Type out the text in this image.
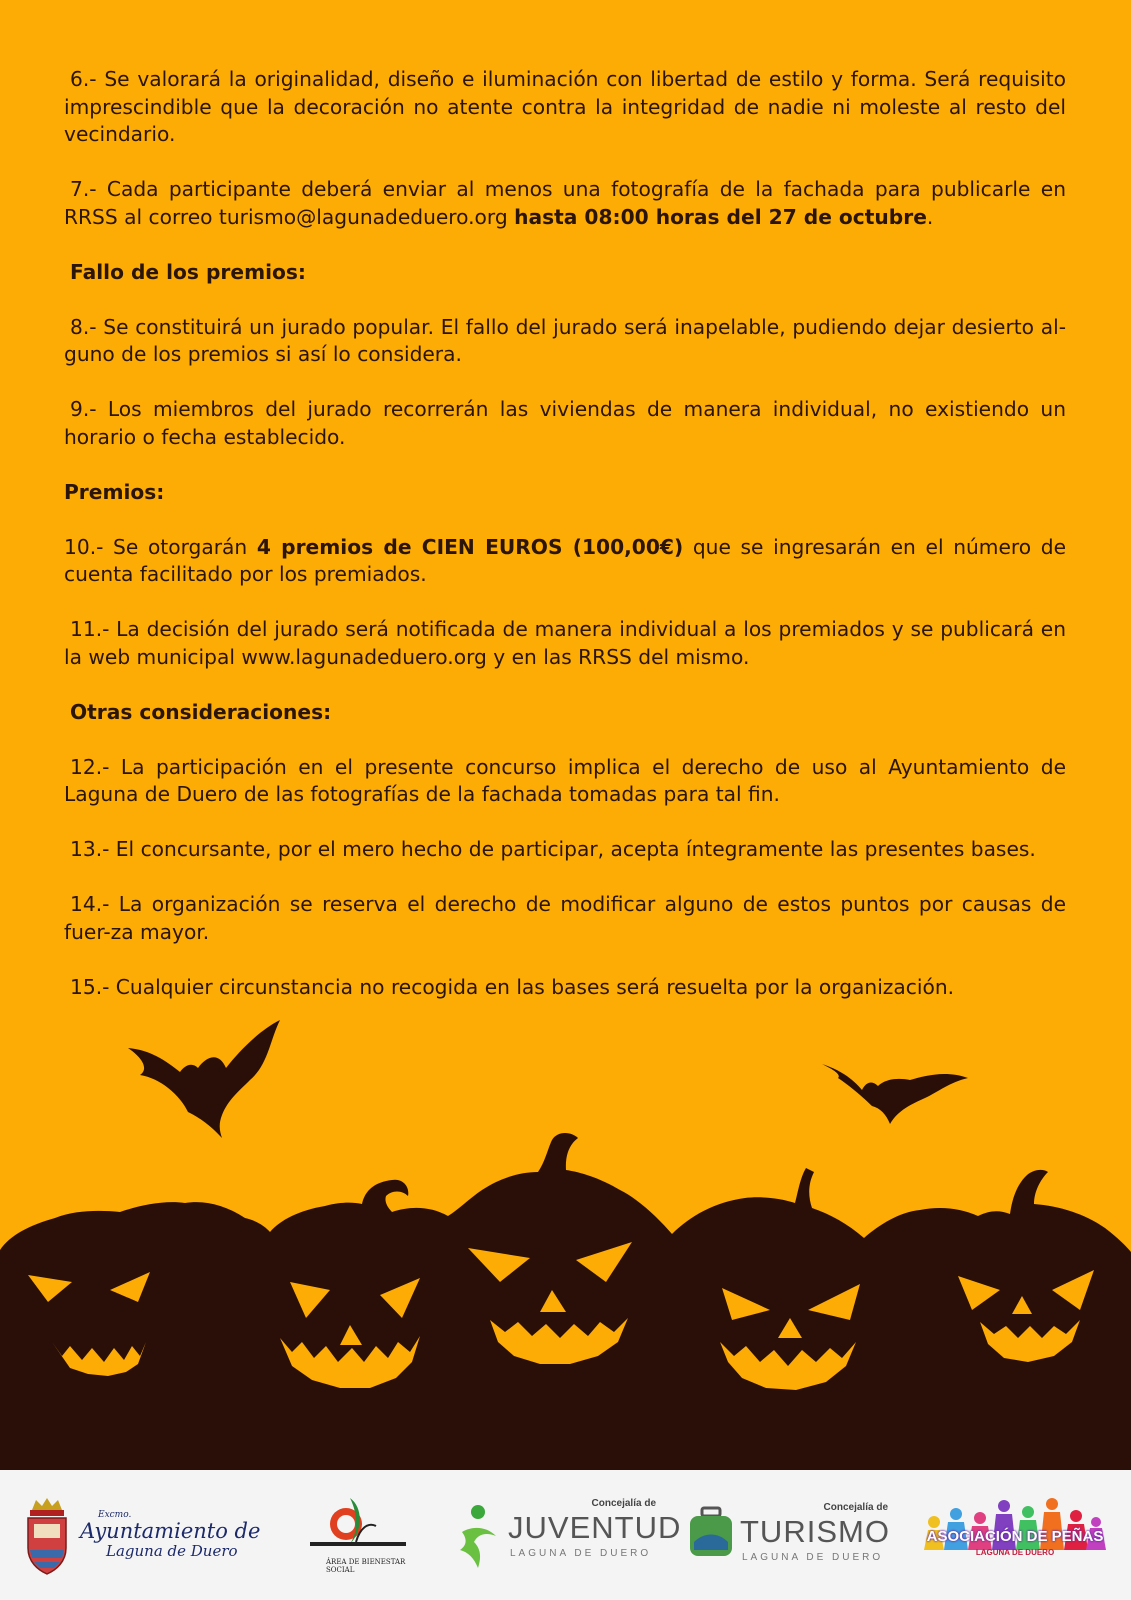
6.- Se valorará la originalidad, diseño e iluminación con libertad de estilo y forma. Será requisito imprescindible que la decoración no atente contra la integridad de nadie ni moleste al resto del vecindario.

7.- Cada participante deberá enviar al menos una fotografía de la fachada para publicarle en RRSS al correo turismo@lagunadeduero.org hasta 08:00 horas del 27 de octubre.

Fallo de los premios:

8.- Se constituirá un jurado popular. El fallo del jurado será inapelable, pudiendo dejar desierto al-guno de los premios si así lo considera.

9.- Los miembros del jurado recorrerán las viviendas de manera individual, no existiendo un horario o fecha establecido.

Premios:

10.- Se otorgarán 4 premios de CIEN EUROS (100,00€) que se ingresarán en el número de cuenta facilitado por los premiados.

11.- La decisión del jurado será notificada de manera individual a los premiados y se publicará en la web municipal www.lagunadeduero.org y en las RRSS del mismo.

Otras consideraciones:

12.- La participación en el presente concurso implica el derecho de uso al Ayuntamiento de Laguna de Duero de las fotografías de la fachada tomadas para tal fin.

13.- El concursante, por el mero hecho de participar, acepta íntegramente las presentes bases.

14.- La organización se reserva el derecho de modificar alguno de estos puntos por causas de fuer-za mayor.

15.- Cualquier circunstancia no recogida en las bases será resuelta por la organización.

Excmo.
Ayuntamiento de
Laguna de Duero
ÁREA DE BIENESTAR SOCIAL
Concejalía de
JUVENTUD
LAGUNA DE DUERO
Concejalía de
TURISMO
LAGUNA DE DUERO
ASOCIACIÓN DE PEÑAS
LAGUNA DE DUERO
